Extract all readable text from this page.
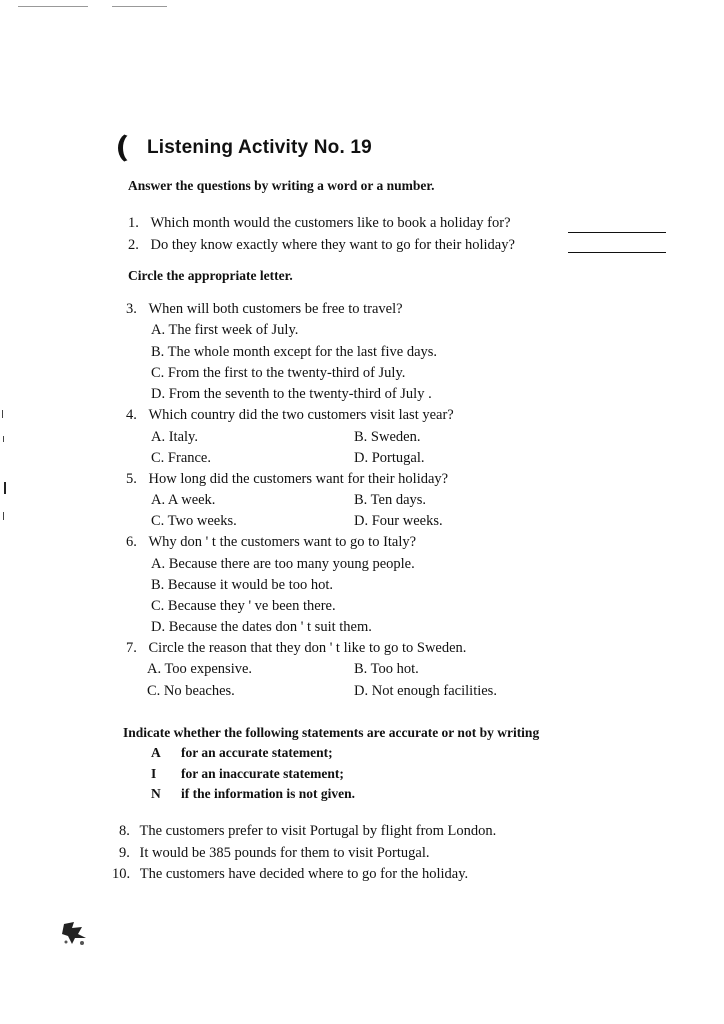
Listening Activity No. 19
Answer the questions by writing a word or a number.
1. Which month would the customers like to book a holiday for?
2. Do they know exactly where they want to go for their holiday?
Circle the appropriate letter.
3. When will both customers be free to travel?
A. The first week of July.
B. The whole month except for the last five days.
C. From the first to the twenty-third of July.
D. From the seventh to the twenty-third of July .
4. Which country did the two customers visit last year?
A. Italy.	B. Sweden.
C. France.	D. Portugal.
5. How long did the customers want for their holiday?
A. A week.	B. Ten days.
C. Two weeks.	D. Four weeks.
6. Why don ' t the customers want to go to Italy?
A. Because there are too many young people.
B. Because it would be too hot.
C. Because they ' ve been there.
D. Because the dates don ' t suit them.
7. Circle the reason that they don ' t like to go to Sweden.
A. Too expensive.	B. Too hot.
C. No beaches.	D. Not enough facilities.
Indicate whether the following statements are accurate or not by writing
A for an accurate statement;
I for an inaccurate statement;
N if the information is not given.
8. The customers prefer to visit Portugal by flight from London.
9. It would be 385 pounds for them to visit Portugal.
10. The customers have decided where to go for the holiday.
